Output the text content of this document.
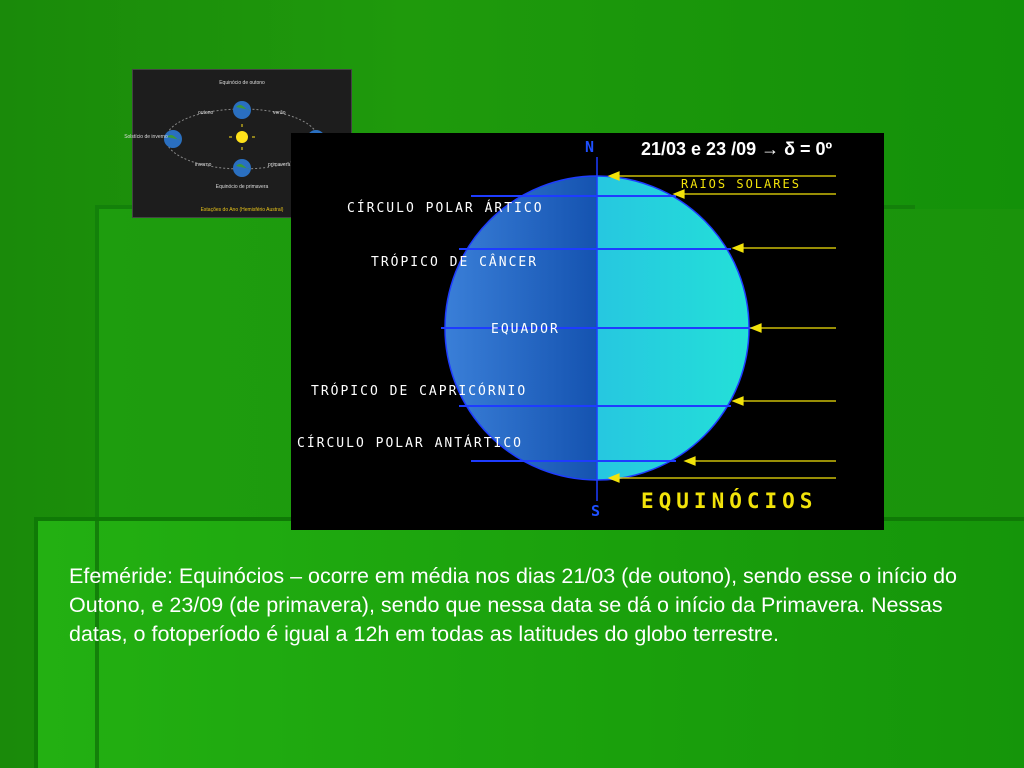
Equinócio de outono
Solstício de inverno
Equinócio de primavera
outono	verão
inverno	primavera
Estações do Ano (Hemisfério Austral)
21/03 e 23 /09 → δ = 0º
N
S
RAIOS SOLARES
EQUINÓCIOS
CÍRCULO POLAR ÁRTICO
TRÓPICO DE CÂNCER
EQUADOR
TRÓPICO DE CAPRICÓRNIO
CÍRCULO POLAR ANTÁRTICO
Efeméride: Equinócios – ocorre em média nos dias 21/03 (de outono), sendo esse o início do Outono, e 23/09 (de primavera), sendo que nessa data se dá o início da Primavera. Nessas datas, o fotoperíodo é igual a 12h em todas as latitudes do globo terrestre.
